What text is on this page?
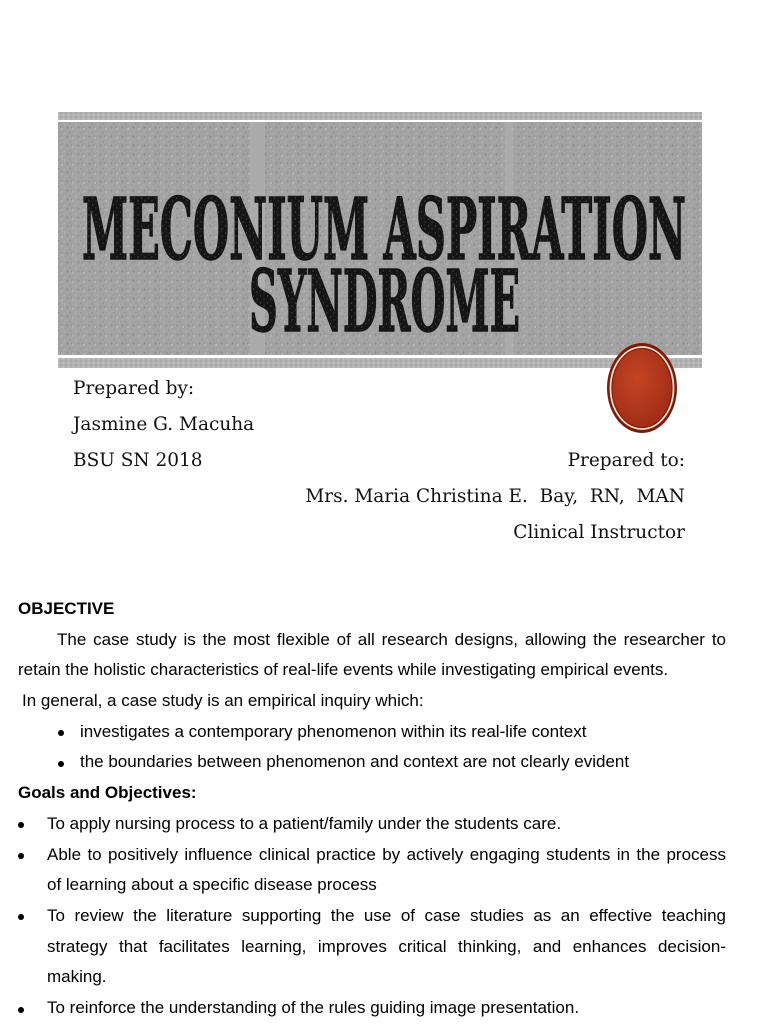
MECONIUM ASPIRATION
SYNDROME
Prepared by:
Jasmine G. Macuha
BSU SN 2018	Prepared to:
Mrs. Maria Christina E.  Bay,  RN,  MAN
Clinical Instructor
OBJECTIVE
The case study is the most flexible of all research designs, allowing the researcher to
retain the holistic characteristics of real-life events while investigating empirical events.
In general, a case study is an empirical inquiry which:
investigates a contemporary phenomenon within its real-life context
the boundaries between phenomenon and context are not clearly evident
Goals and Objectives:
To apply nursing process to a patient/family under the students care.
Able to positively influence clinical practice by actively engaging students in the process
of learning about a specific disease process
To review the literature supporting the use of case studies as an effective teaching
strategy that facilitates learning, improves critical thinking, and enhances decision-
making.
To reinforce the understanding of the rules guiding image presentation.
